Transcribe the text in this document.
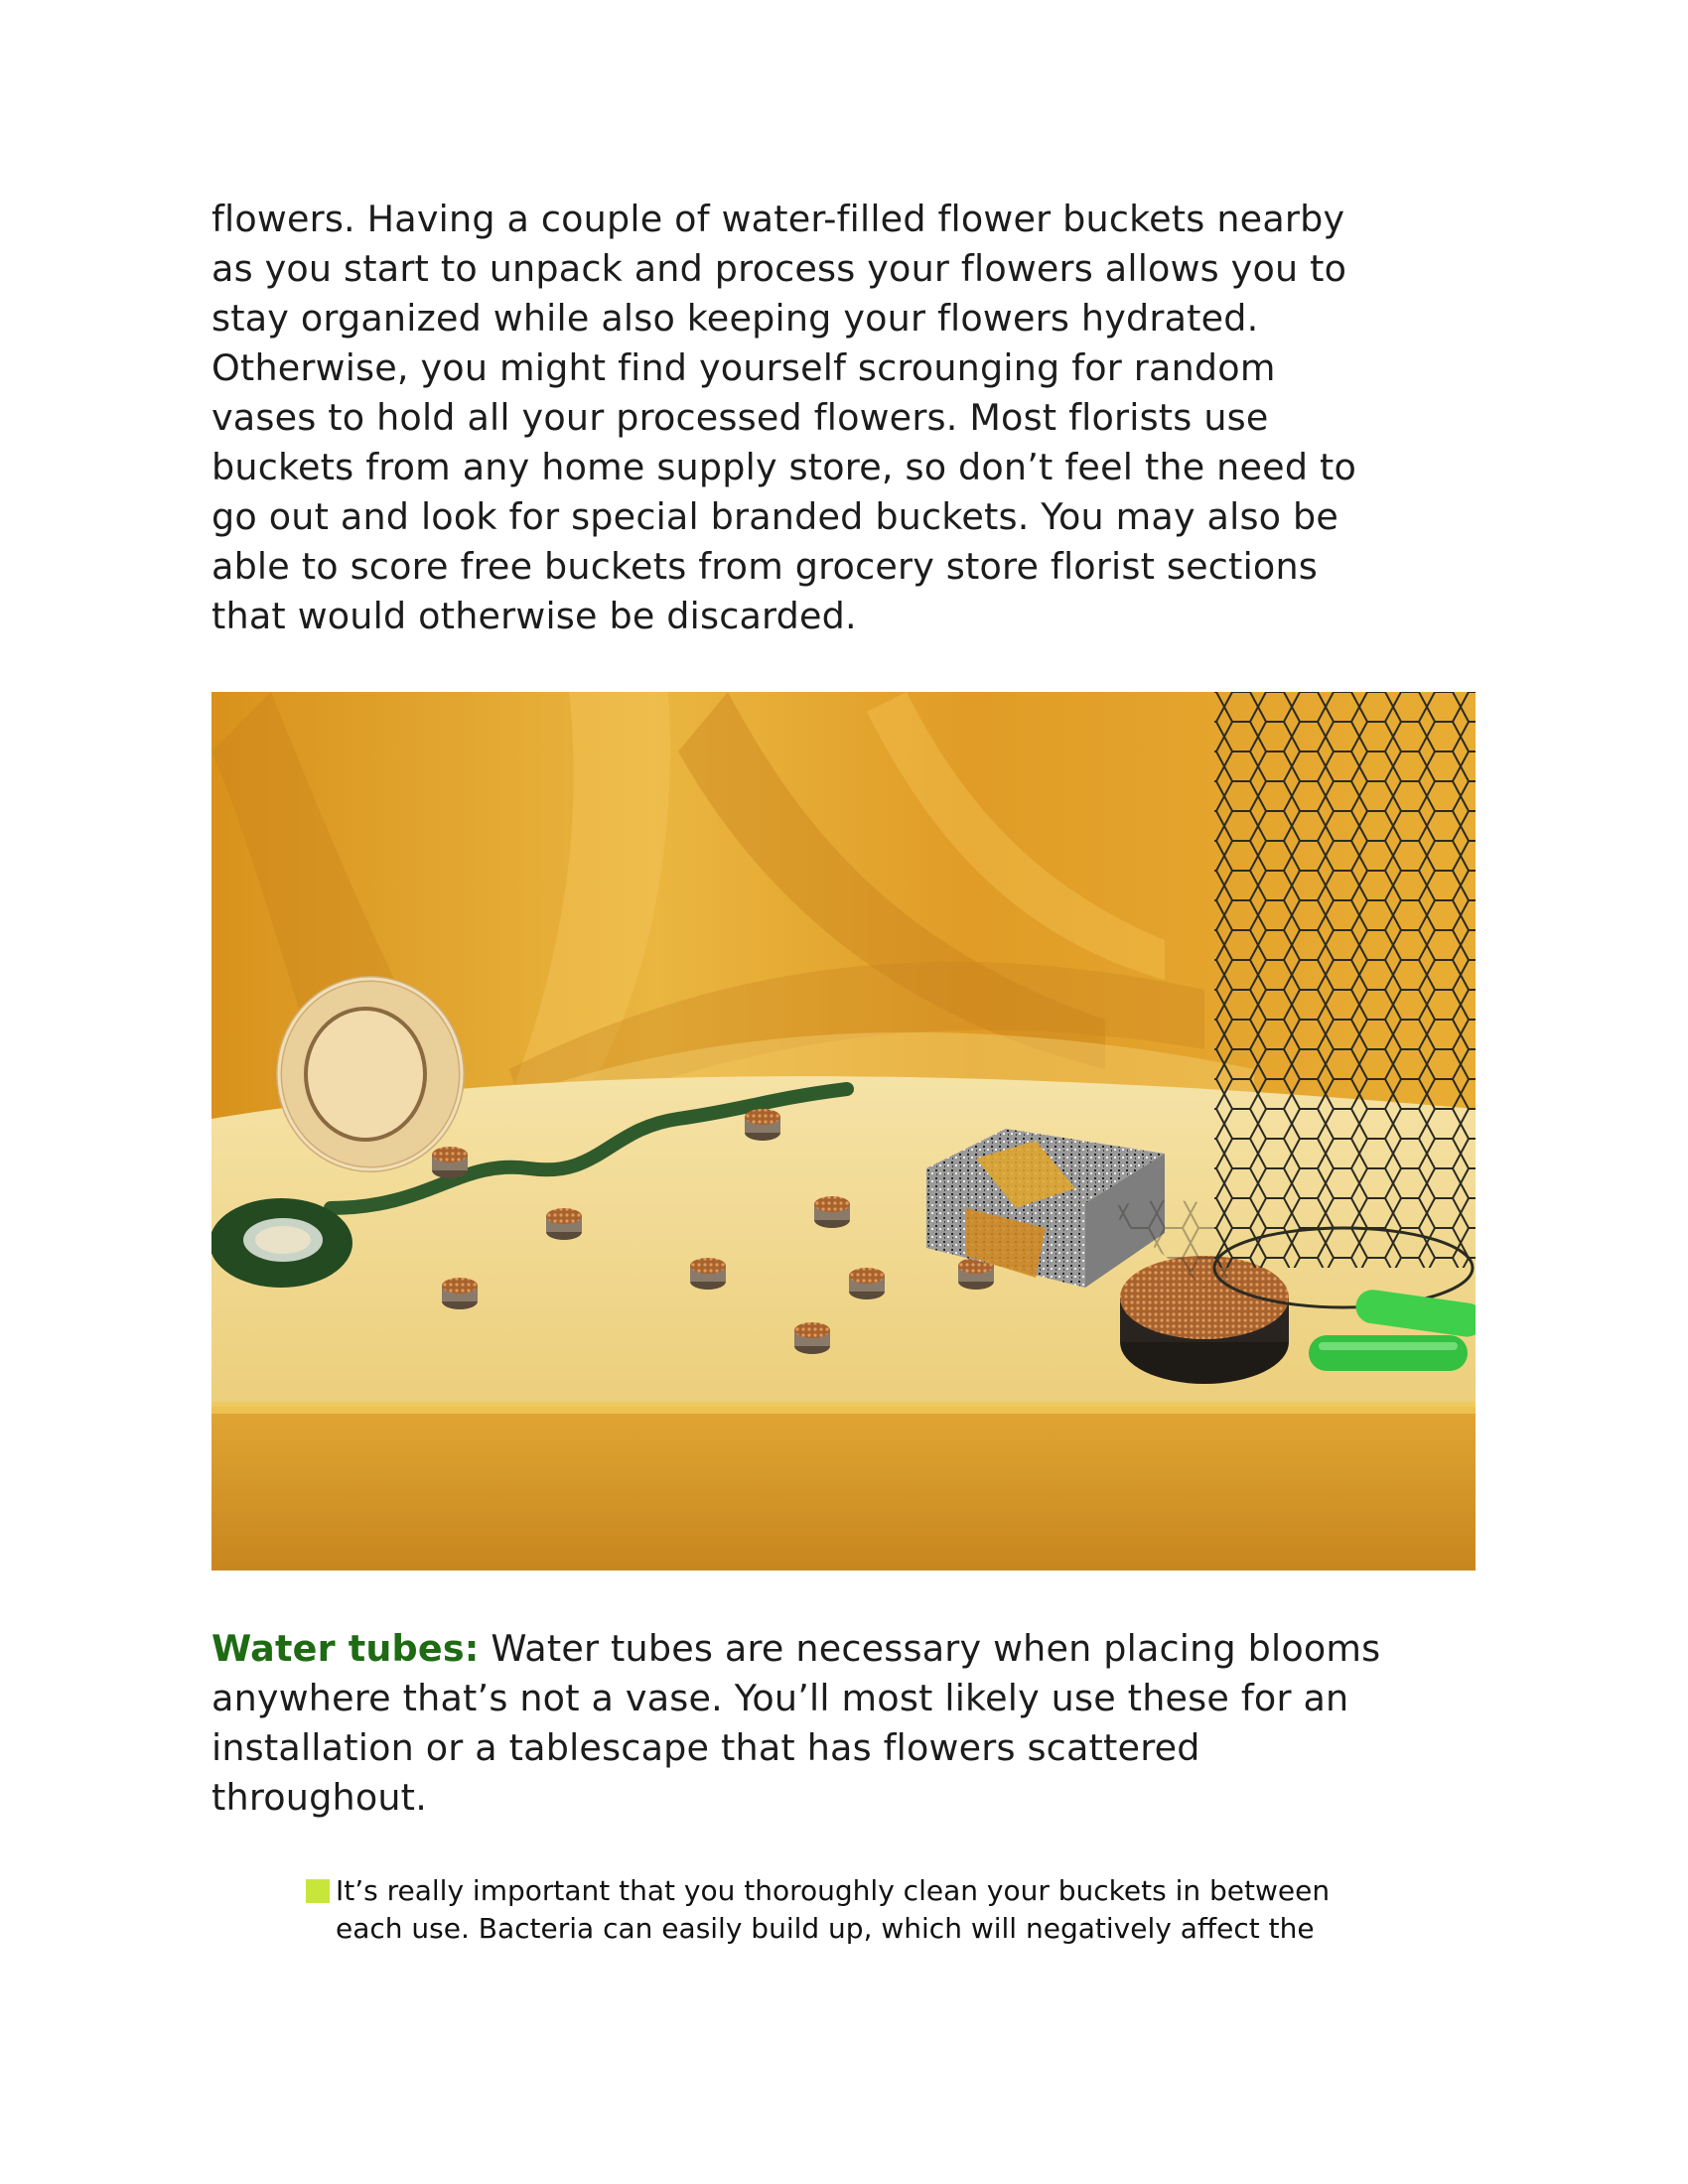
flowers. Having a couple of water-filled flower buckets nearby
as you start to unpack and process your flowers allows you to
stay organized while also keeping your flowers hydrated.
Otherwise, you might find yourself scrounging for random
vases to hold all your processed flowers. Most florists use
buckets from any home supply store, so don’t feel the need to
go out and look for special branded buckets. You may also be
able to score free buckets from grocery store florist sections
that would otherwise be discarded.

Water tubes: Water tubes are necessary when placing blooms
anywhere that’s not a vase. You’ll most likely use these for an
installation or a tablescape that has flowers scattered
throughout.

It’s really important that you thoroughly clean your buckets in between
each use. Bacteria can easily build up, which will negatively affect the
